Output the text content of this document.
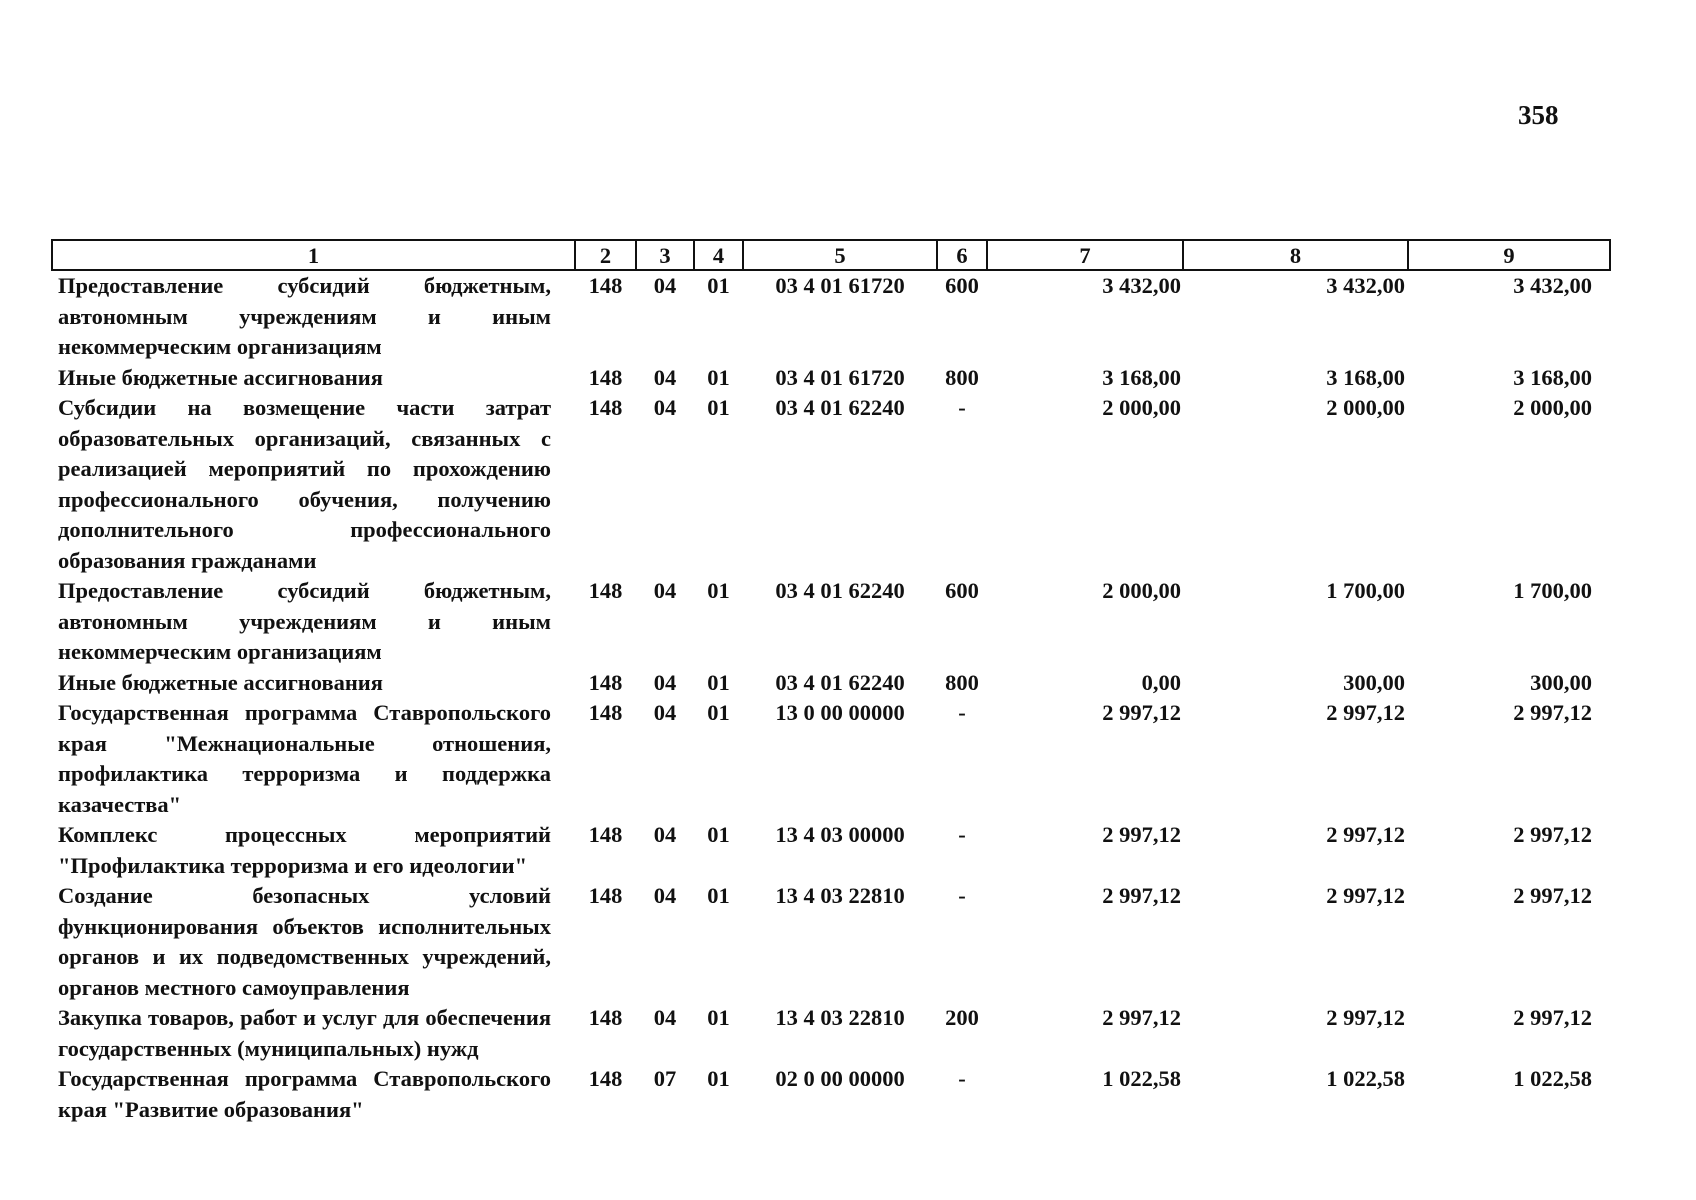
358
1	2	3	4	5	6	7	8	9
Предоставление субсидий бюджетным, автономным учреждениям и иным некоммерческим организациям	148	04	01	03 4 01 61720	600	3 432,00	3 432,00	3 432,00
Иные бюджетные ассигнования	148	04	01	03 4 01 61720	800	3 168,00	3 168,00	3 168,00
Субсидии на возмещение части затрат образовательных организаций, связанных с реализацией мероприятий по прохождению профессионального обучения, получению дополнительного профессионального образования гражданами	148	04	01	03 4 01 62240	-	2 000,00	2 000,00	2 000,00
Предоставление субсидий бюджетным, автономным учреждениям и иным некоммерческим организациям	148	04	01	03 4 01 62240	600	2 000,00	1 700,00	1 700,00
Иные бюджетные ассигнования	148	04	01	03 4 01 62240	800	0,00	300,00	300,00
Государственная программа Ставропольского края "Межнациональные отношения, профилактика терроризма и поддержка казачества"	148	04	01	13 0 00 00000	-	2 997,12	2 997,12	2 997,12
Комплекс процессных мероприятий "Профилактика терроризма и его идеологии"	148	04	01	13 4 03 00000	-	2 997,12	2 997,12	2 997,12
Создание безопасных условий функционирования объектов исполнительных органов и их подведомственных учреждений, органов местного самоуправления	148	04	01	13 4 03 22810	-	2 997,12	2 997,12	2 997,12
Закупка товаров, работ и услуг для обеспечения государственных (муниципальных) нужд	148	04	01	13 4 03 22810	200	2 997,12	2 997,12	2 997,12
Государственная программа Ставропольского края "Развитие образования"	148	07	01	02 0 00 00000	-	1 022,58	1 022,58	1 022,58
